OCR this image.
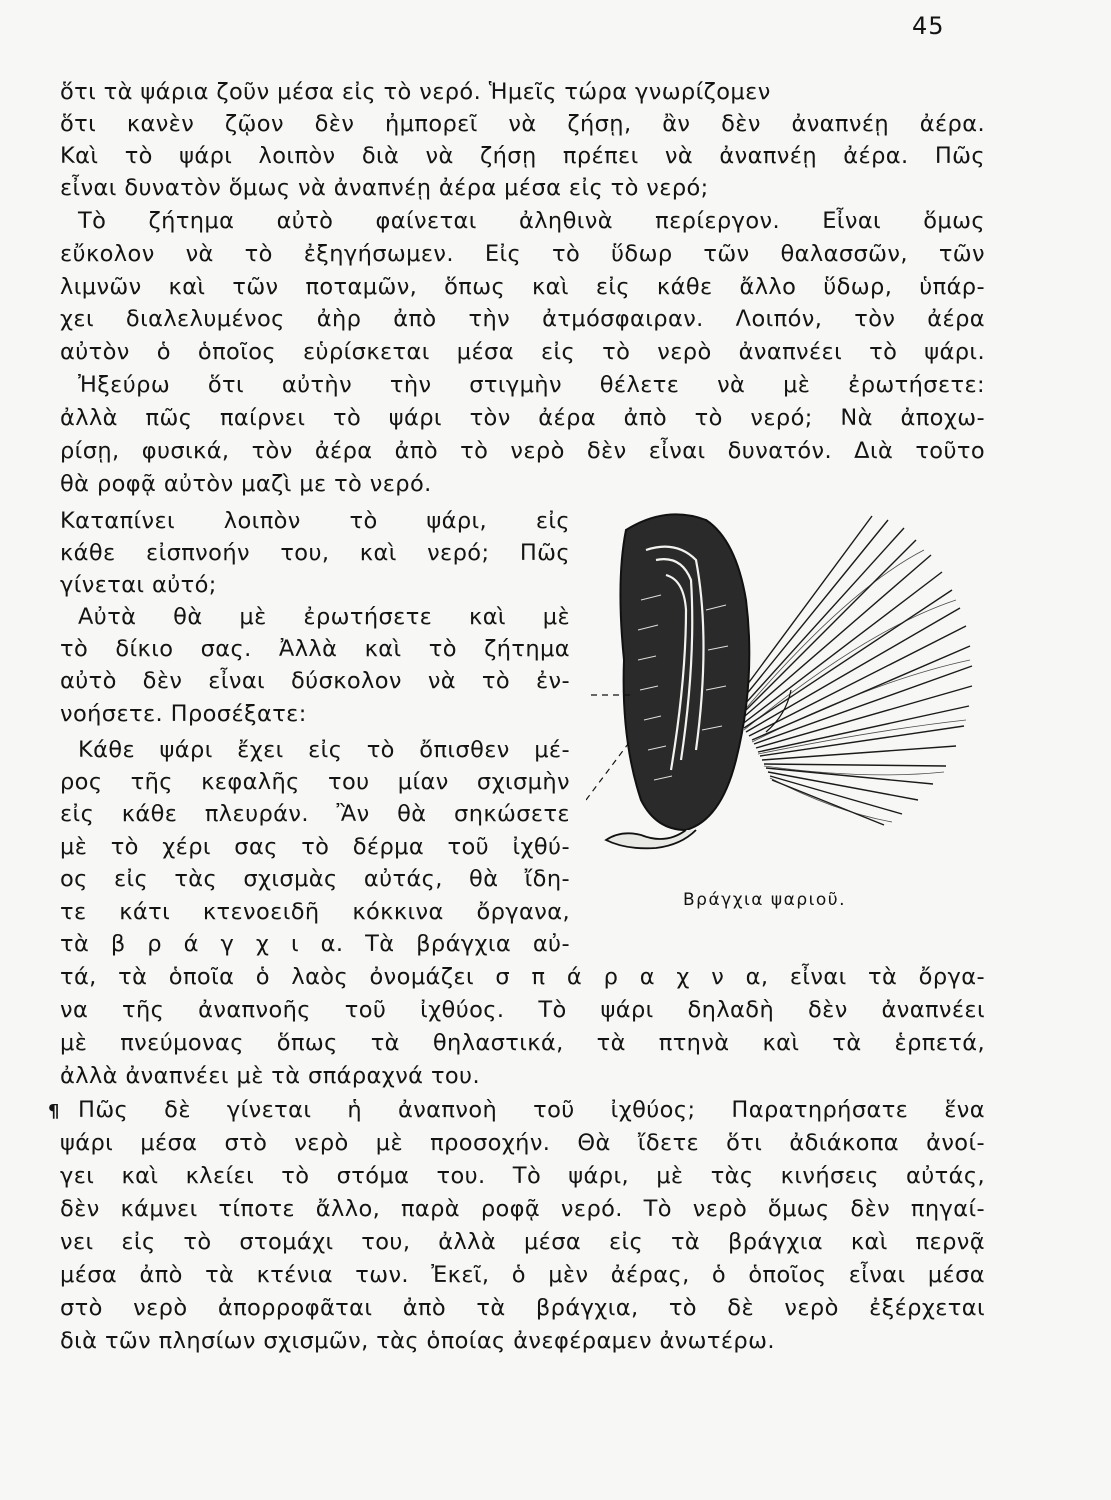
45
ὅτι τὰ ψάρια ζοῦν μέσα εἰς τὸ νερό. Ἡμεῖς τώρα γνωρίζομεν
ὅτι κανὲν ζῷον δὲν ἠμπορεῖ νὰ ζήσῃ, ἂν δὲν ἀναπνέῃ ἀέρα.
Καὶ τὸ ψάρι λοιπὸν διὰ νὰ ζήσῃ πρέπει νὰ ἀναπνέῃ ἀέρα. Πῶς
εἶναι δυνατὸν ὅμως νὰ ἀναπνέῃ ἀέρα μέσα εἰς τὸ νερό;
Τὸ ζήτημα αὐτὸ φαίνεται ἀληθινὰ περίεργον. Εἶναι ὅμως
εὔκολον νὰ τὸ ἐξηγήσωμεν. Εἰς τὸ ὕδωρ τῶν θαλασσῶν, τῶν
λιμνῶν καὶ τῶν ποταμῶν, ὅπως καὶ εἰς κάθε ἄλλο ὕδωρ, ὑπάρ-
χει διαλελυμένος ἀὴρ ἀπὸ τὴν ἀτμόσφαιραν. Λοιπόν, τὸν ἀέρα
αὐτὸν ὁ ὁποῖος εὑρίσκεται μέσα εἰς τὸ νερὸ ἀναπνέει τὸ ψάρι.
Ἠξεύρω ὅτι αὐτὴν τὴν στιγμὴν θέλετε νὰ μὲ ἐρωτήσετε:
ἀλλὰ πῶς παίρνει τὸ ψάρι τὸν ἀέρα ἀπὸ τὸ νερό; Νὰ ἀποχω-
ρίσῃ, φυσικά, τὸν ἀέρα ἀπὸ τὸ νερὸ δὲν εἶναι δυνατόν. Διὰ τοῦτο
θὰ ροφᾷ αὐτὸν μαζὶ με τὸ νερό.
Καταπίνει λοιπὸν τὸ ψάρι, εἰς
κάθε εἰσπνοήν του, καὶ νερό; Πῶς
γίνεται αὐτό;
Αὐτὰ θὰ μὲ ἐρωτήσετε καὶ μὲ
τὸ δίκιο σας. Ἀλλὰ καὶ τὸ ζήτημα
αὐτὸ δὲν εἶναι δύσκολον νὰ τὸ ἐν-
νοήσετε. Προσέξατε:
Κάθε ψάρι ἔχει εἰς τὸ ὄπισθεν μέ-
ρος τῆς κεφαλῆς του μίαν σχισμὴν
εἰς κάθε πλευράν. Ἂν θὰ σηκώσετε
μὲ τὸ χέρι σας τὸ δέρμα τοῦ ἰχθύ-
ος εἰς τὰς σχισμὰς αὐτάς, θὰ ἴδη-
τε κάτι κτενοειδῆ κόκκινα ὄργανα,
τὰ β ρ ά γ χ ι α. Τὰ βράγχια αὐ-
τά, τὰ ὁποῖα ὁ λαὸς ὀνομάζει σ π ά ρ α χ ν α, εἶναι τὰ ὄργα-
να τῆς ἀναπνοῆς τοῦ ἰχθύος. Τὸ ψάρι δηλαδὴ δὲν ἀναπνέει
μὲ πνεύμονας ὅπως τὰ θηλαστικά, τὰ πτηνὰ καὶ τὰ ἑρπετά,
ἀλλὰ ἀναπνέει μὲ τὰ σπάραχνά του.
¶ Πῶς δὲ γίνεται ἡ ἀναπνοὴ τοῦ ἰχθύος; Παρατηρήσατε ἕνα
ψάρι μέσα στὸ νερὸ μὲ προσοχήν. Θὰ ἴδετε ὅτι ἀδιάκοπα ἀνοί-
γει καὶ κλείει τὸ στόμα του. Τὸ ψάρι, μὲ τὰς κινήσεις αὐτάς,
δὲν κάμνει τίποτε ἄλλο, παρὰ ροφᾷ νερό. Τὸ νερὸ ὅμως δὲν πηγαί-
νει εἰς τὸ στομάχι του, ἀλλὰ μέσα εἰς τὰ βράγχια καὶ περνᾷ
μέσα ἀπὸ τὰ κτένια των. Ἐκεῖ, ὁ μὲν ἀέρας, ὁ ὁποῖος εἶναι μέσα
στὸ νερὸ ἀπορροφᾶται ἀπὸ τὰ βράγχια, τὸ δὲ νερὸ ἐξέρχεται
διὰ τῶν πλησίων σχισμῶν, τὰς ὁποίας ἀνεφέραμεν ἀνωτέρω.
Βράγχια ψαριοῦ.
